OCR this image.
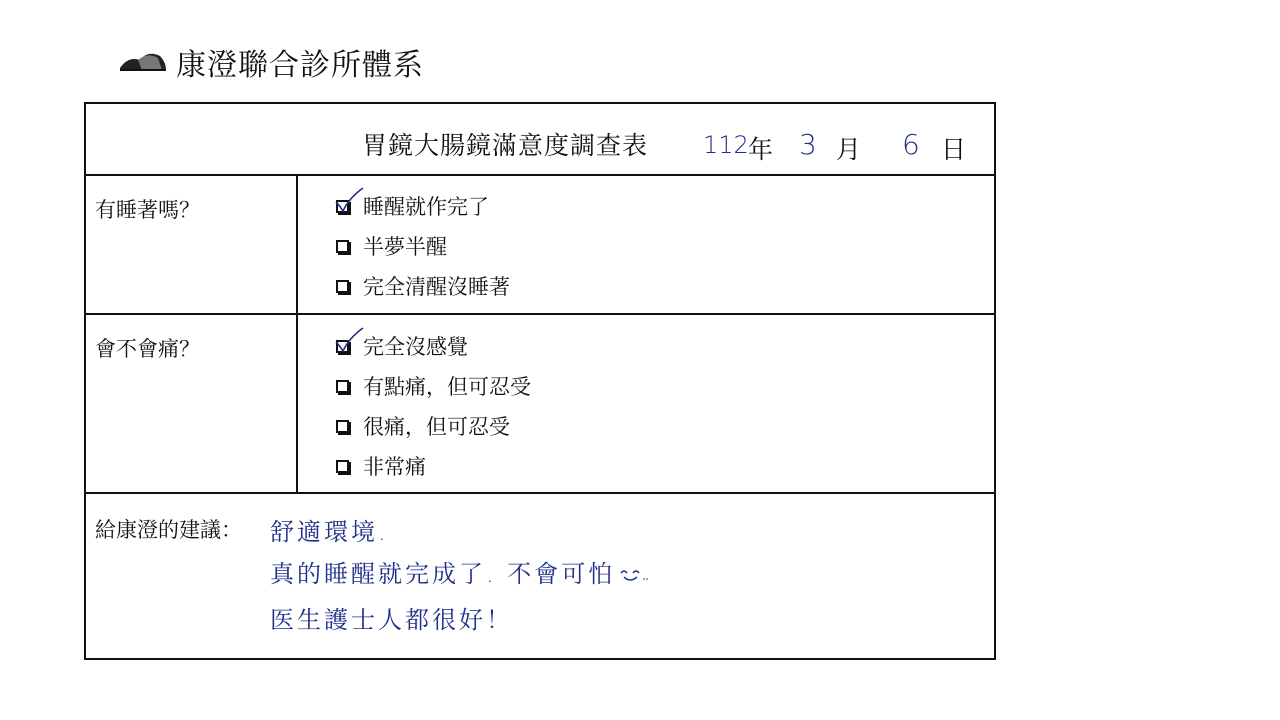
康澄聯合診所體系
胃鏡大腸鏡滿意度調查表 112 年 3 月 6 日
有睡著嗎？	睡醒就作完了
半夢半醒
完全清醒沒睡著
會不會痛？	完全沒感覺
有點痛，但可忍受
很痛，但可忍受
非常痛
給康澄的建議： 舒適環境.
真的睡醒就完成了. 不會可怕
医生護士人都很好！
